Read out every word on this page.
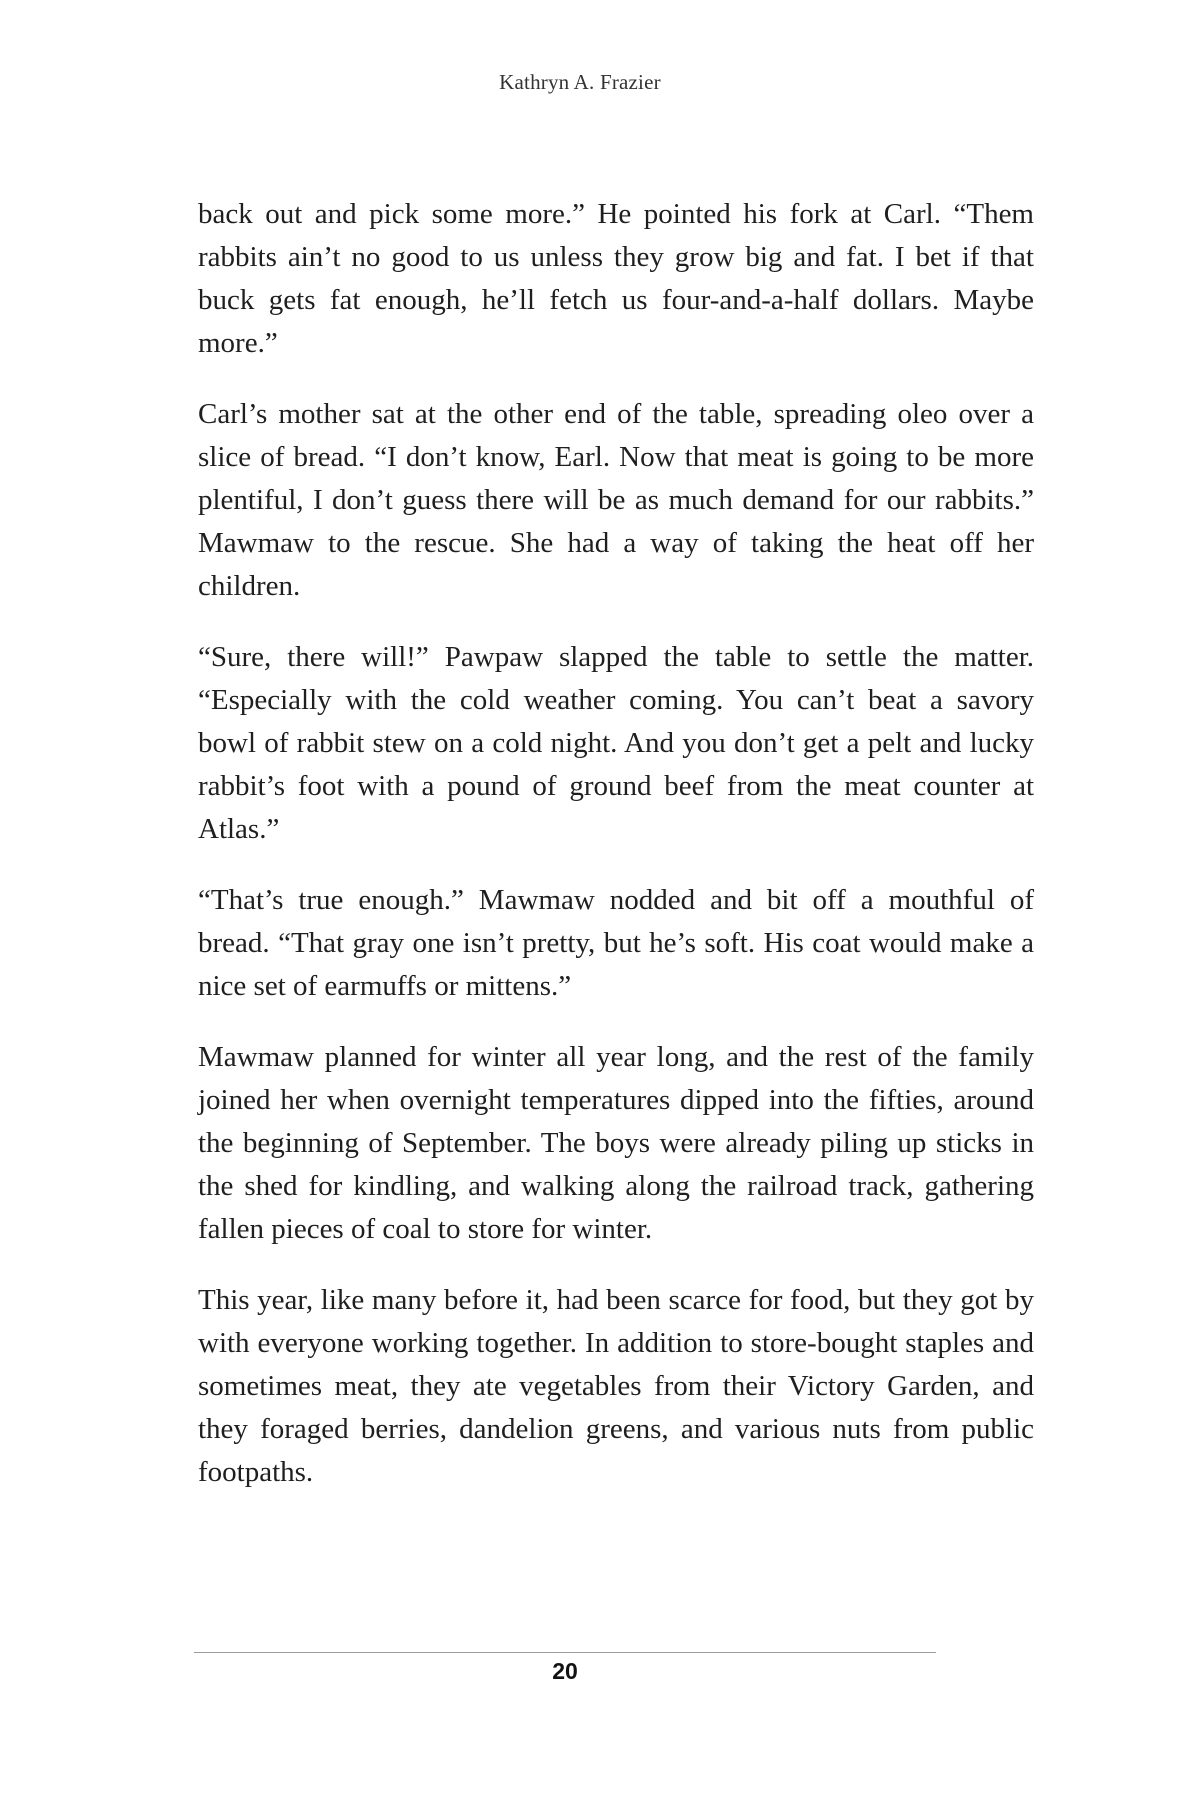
Kathryn A. Frazier

back out and pick some more.” He pointed his fork at Carl. “Them rabbits ain’t no good to us unless they grow big and fat. I bet if that buck gets fat enough, he’ll fetch us four-and-a-half dollars. Maybe more.”

Carl’s mother sat at the other end of the table, spreading oleo over a slice of bread. “I don’t know, Earl. Now that meat is going to be more plentiful, I don’t guess there will be as much demand for our rabbits.” Mawmaw to the rescue. She had a way of taking the heat off her children.

“Sure, there will!” Pawpaw slapped the table to settle the matter. “Especially with the cold weather coming. You can’t beat a savory bowl of rabbit stew on a cold night. And you don’t get a pelt and lucky rabbit’s foot with a pound of ground beef from the meat counter at Atlas.”

“That’s true enough.” Mawmaw nodded and bit off a mouthful of bread. “That gray one isn’t pretty, but he’s soft. His coat would make a nice set of earmuffs or mittens.”

Mawmaw planned for winter all year long, and the rest of the family joined her when overnight temperatures dipped into the fifties, around the beginning of September. The boys were already piling up sticks in the shed for kindling, and walking along the railroad track, gathering fallen pieces of coal to store for winter.

This year, like many before it, had been scarce for food, but they got by with everyone working together. In addition to store-bought staples and sometimes meat, they ate vegetables from their Victory Garden, and they foraged berries, dandelion greens, and various nuts from public footpaths.

20
